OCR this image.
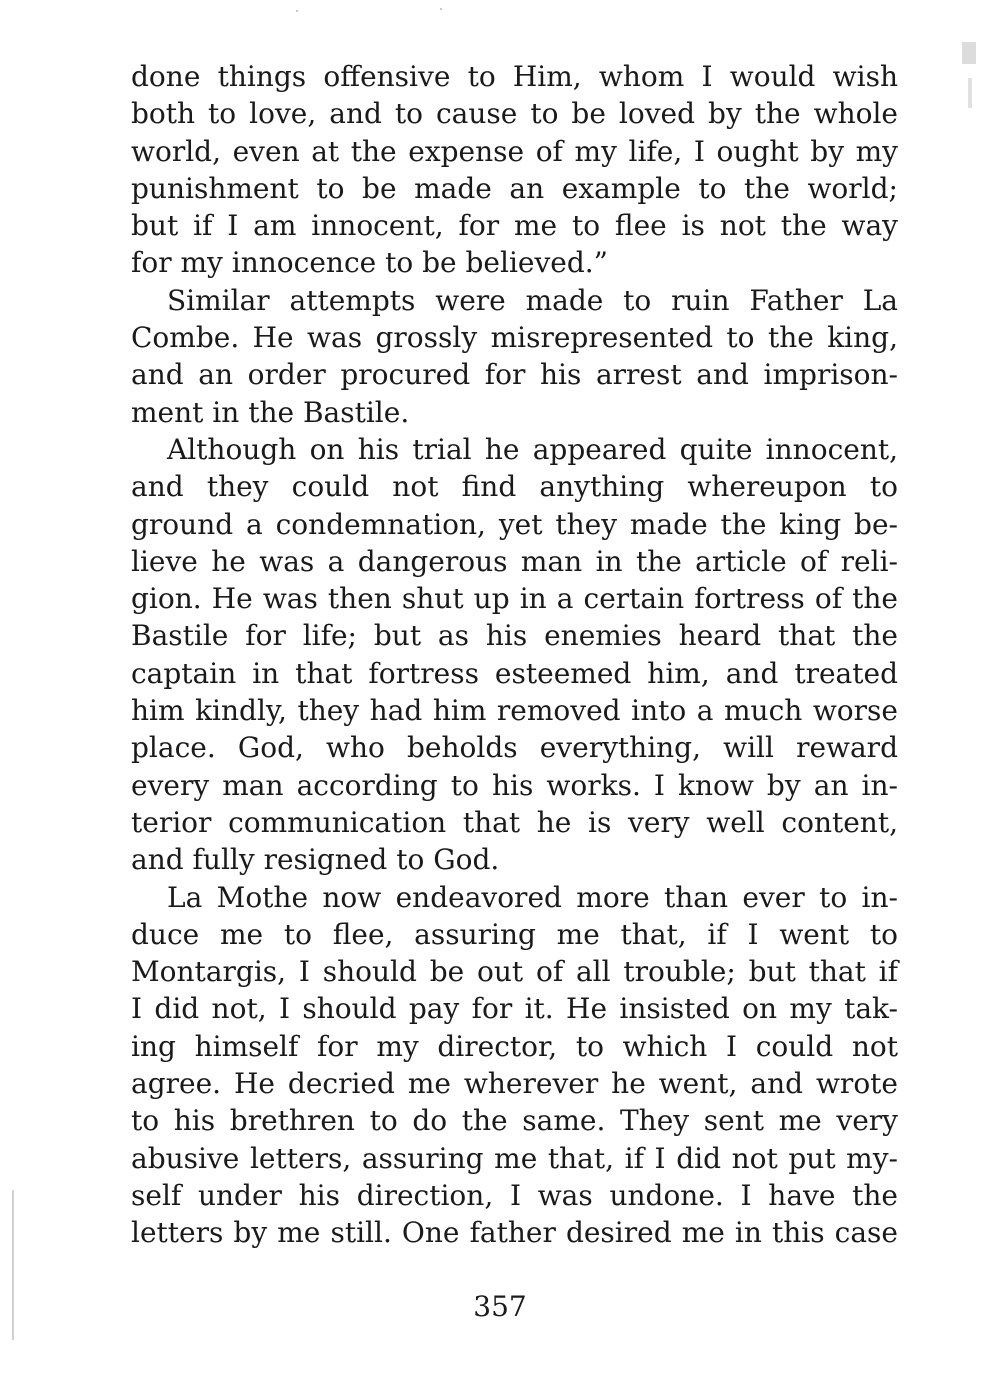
done things offensive to Him, whom I would wish
both to love, and to cause to be loved by the whole
world, even at the expense of my life, I ought by my
punishment to be made an example to the world;
but if I am innocent, for me to flee is not the way
for my innocence to be believed.”
Similar attempts were made to ruin Father La
Combe. He was grossly misrepresented to the king,
and an order procured for his arrest and imprison-
ment in the Bastile.
Although on his trial he appeared quite innocent,
and they could not find anything whereupon to
ground a condemnation, yet they made the king be-
lieve he was a dangerous man in the article of reli-
gion. He was then shut up in a certain fortress of the
Bastile for life; but as his enemies heard that the
captain in that fortress esteemed him, and treated
him kindly, they had him removed into a much worse
place. God, who beholds everything, will reward
every man according to his works. I know by an in-
terior communication that he is very well content,
and fully resigned to God.
La Mothe now endeavored more than ever to in-
duce me to flee, assuring me that, if I went to
Montargis, I should be out of all trouble; but that if
I did not, I should pay for it. He insisted on my tak-
ing himself for my director, to which I could not
agree. He decried me wherever he went, and wrote
to his brethren to do the same. They sent me very
abusive letters, assuring me that, if I did not put my-
self under his direction, I was undone. I have the
letters by me still. One father desired me in this case
357
